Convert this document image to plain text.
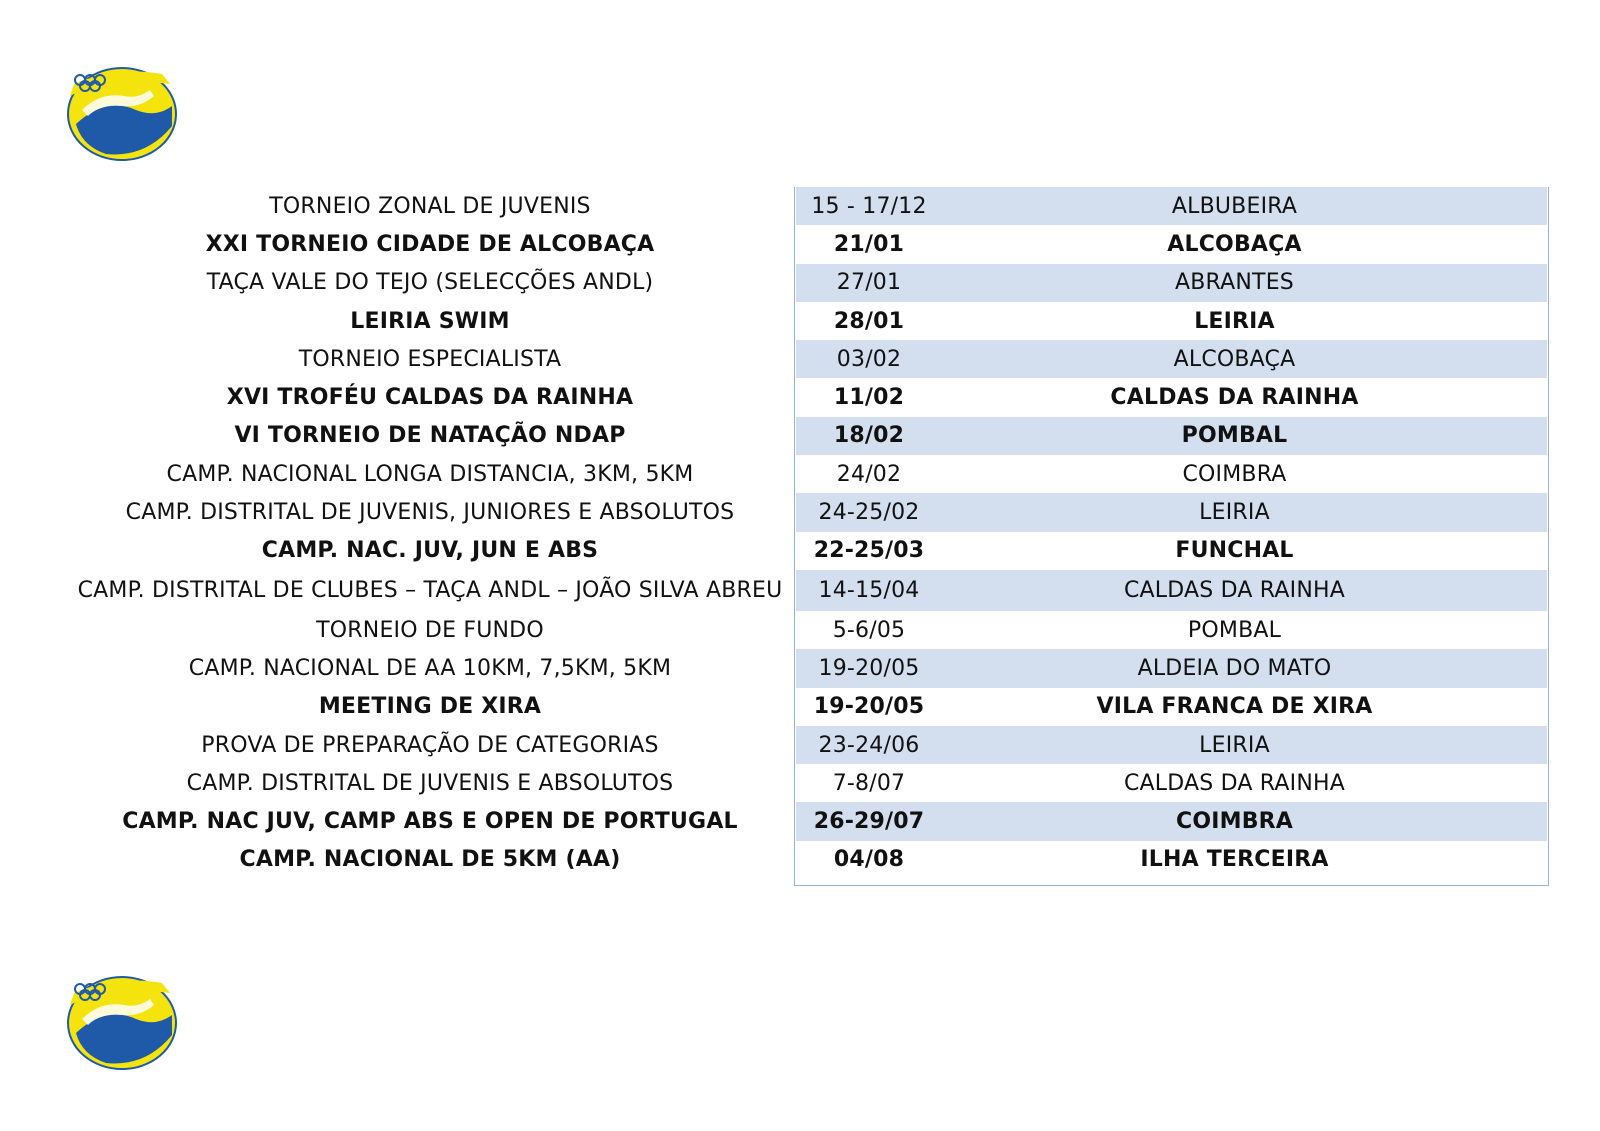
TORNEIO ZONAL DE JUVENIS	15 - 17/12	ALBUBEIRA
XXI TORNEIO CIDADE DE ALCOBAÇA	21/01	ALCOBAÇA
TAÇA VALE DO TEJO (SELECÇÕES ANDL)	27/01	ABRANTES
LEIRIA SWIM	28/01	LEIRIA
TORNEIO ESPECIALISTA	03/02	ALCOBAÇA
XVI TROFÉU CALDAS DA RAINHA	11/02	CALDAS DA RAINHA
VI TORNEIO DE NATAÇÃO NDAP	18/02	POMBAL
CAMP. NACIONAL LONGA DISTANCIA, 3KM, 5KM	24/02	COIMBRA
CAMP. DISTRITAL DE JUVENIS, JUNIORES E ABSOLUTOS	24-25/02	LEIRIA
CAMP. NAC. JUV, JUN E ABS	22-25/03	FUNCHAL
CAMP. DISTRITAL DE CLUBES – TAÇA ANDL – JOÃO SILVA ABREU	14-15/04	CALDAS DA RAINHA
TORNEIO DE FUNDO	5-6/05	POMBAL
CAMP. NACIONAL DE AA 10KM, 7,5KM, 5KM	19-20/05	ALDEIA DO MATO
MEETING DE XIRA	19-20/05	VILA FRANCA DE XIRA
PROVA DE PREPARAÇÃO DE CATEGORIAS	23-24/06	LEIRIA
CAMP. DISTRITAL DE JUVENIS E ABSOLUTOS	7-8/07	CALDAS DA RAINHA
CAMP. NAC JUV, CAMP ABS E OPEN DE PORTUGAL	26-29/07	COIMBRA
CAMP. NACIONAL DE 5KM (AA)	04/08	ILHA TERCEIRA
